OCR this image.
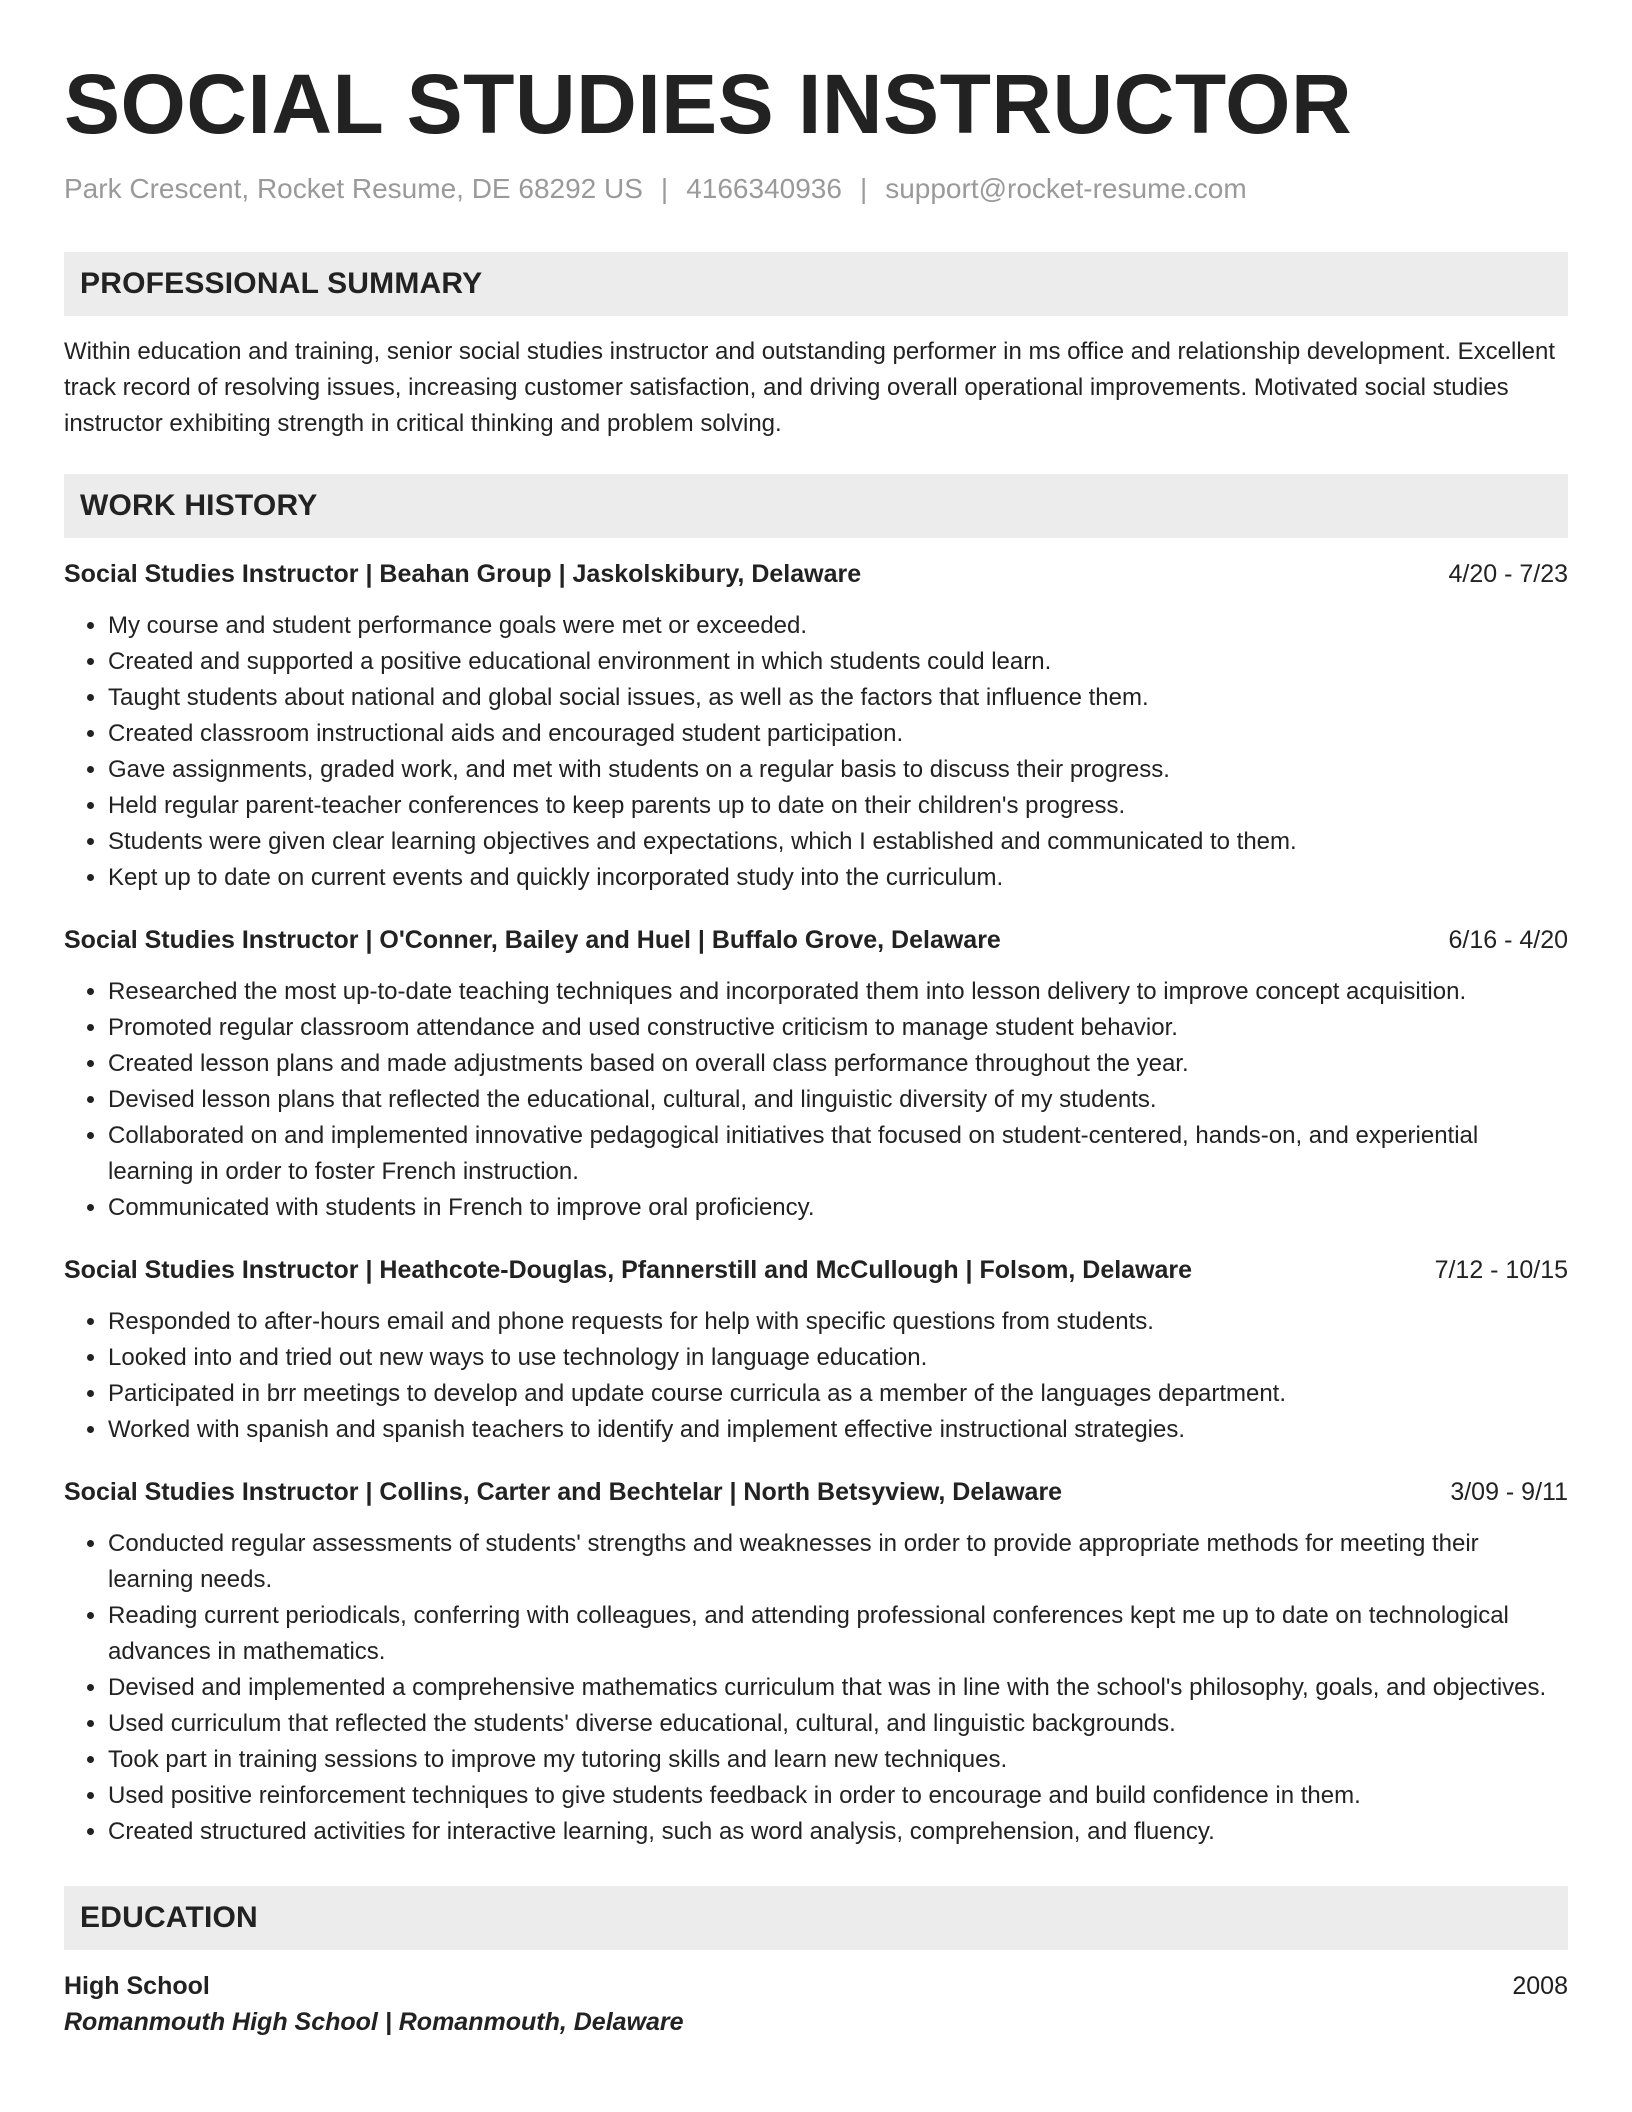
SOCIAL STUDIES INSTRUCTOR
Park Crescent, Rocket Resume, DE 68292 US | 4166340936 | support@rocket-resume.com
PROFESSIONAL SUMMARY

Within education and training, senior social studies instructor and outstanding performer in ms office and relationship development. Excellent track record of resolving issues, increasing customer satisfaction, and driving overall operational improvements. Motivated social studies instructor exhibiting strength in critical thinking and problem solving.

WORK HISTORY
Social Studies Instructor | Beahan Group | Jaskolskibury, Delaware	4/20 - 7/23
• My course and student performance goals were met or exceeded.
• Created and supported a positive educational environment in which students could learn.
• Taught students about national and global social issues, as well as the factors that influence them.
• Created classroom instructional aids and encouraged student participation.
• Gave assignments, graded work, and met with students on a regular basis to discuss their progress.
• Held regular parent-teacher conferences to keep parents up to date on their children's progress.
• Students were given clear learning objectives and expectations, which I established and communicated to them.
• Kept up to date on current events and quickly incorporated study into the curriculum.
Social Studies Instructor | O'Conner, Bailey and Huel | Buffalo Grove, Delaware	6/16 - 4/20
• Researched the most up-to-date teaching techniques and incorporated them into lesson delivery to improve concept acquisition.
• Promoted regular classroom attendance and used constructive criticism to manage student behavior.
• Created lesson plans and made adjustments based on overall class performance throughout the year.
• Devised lesson plans that reflected the educational, cultural, and linguistic diversity of my students.
• Collaborated on and implemented innovative pedagogical initiatives that focused on student-centered, hands-on, and experiential learning in order to foster French instruction.
• Communicated with students in French to improve oral proficiency.
Social Studies Instructor | Heathcote-Douglas, Pfannerstill and McCullough | Folsom, Delaware	7/12 - 10/15
• Responded to after-hours email and phone requests for help with specific questions from students.
• Looked into and tried out new ways to use technology in language education.
• Participated in brr meetings to develop and update course curricula as a member of the languages department.
• Worked with spanish and spanish teachers to identify and implement effective instructional strategies.
Social Studies Instructor | Collins, Carter and Bechtelar | North Betsyview, Delaware	3/09 - 9/11
• Conducted regular assessments of students' strengths and weaknesses in order to provide appropriate methods for meeting their learning needs.
• Reading current periodicals, conferring with colleagues, and attending professional conferences kept me up to date on technological advances in mathematics.
• Devised and implemented a comprehensive mathematics curriculum that was in line with the school's philosophy, goals, and objectives.
• Used curriculum that reflected the students' diverse educational, cultural, and linguistic backgrounds.
• Took part in training sessions to improve my tutoring skills and learn new techniques.
• Used positive reinforcement techniques to give students feedback in order to encourage and build confidence in them.
• Created structured activities for interactive learning, such as word analysis, comprehension, and fluency.
EDUCATION
High School	2008
Romanmouth High School | Romanmouth, Delaware
